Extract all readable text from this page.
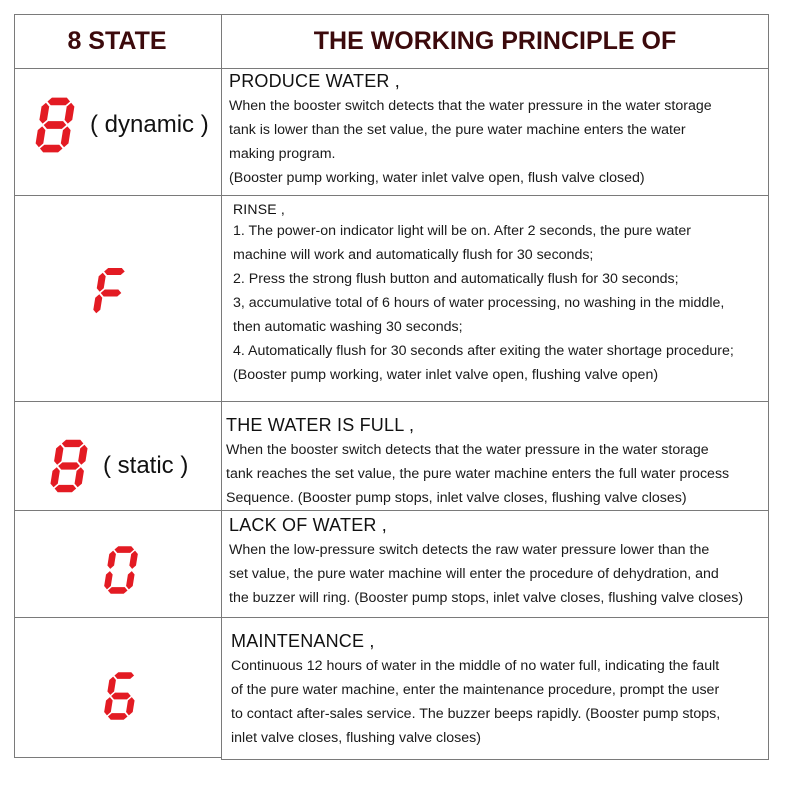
8 STATE	THE WORKING PRINCIPLE OF
( dynamic )
PRODUCE WATER ,
When the booster switch detects that the water pressure in the water storage
tank is lower than the set value, the pure water machine enters the water
making program.
(Booster pump working, water inlet valve open, flush valve closed)
RINSE ,
1. The power-on indicator light will be on. After 2 seconds, the pure water
machine will work and automatically flush for 30 seconds;
2. Press the strong flush button and automatically flush for 30 seconds;
3, accumulative total of 6 hours of water processing, no washing in the middle,
then automatic washing 30 seconds;
4. Automatically flush for 30 seconds after exiting the water shortage procedure;
(Booster pump working, water inlet valve open, flushing valve open)
( static )
THE WATER IS FULL ,
When the booster switch detects that the water pressure in the water storage
tank reaches the set value, the pure water machine enters the full water process
Sequence. (Booster pump stops, inlet valve closes, flushing valve closes)
LACK OF WATER ,
When the low-pressure switch detects the raw water pressure lower than the
set value, the pure water machine will enter the procedure of dehydration, and
the buzzer will ring. (Booster pump stops, inlet valve closes, flushing valve closes)
MAINTENANCE ,
Continuous 12 hours of water in the middle of no water full, indicating the fault
of the pure water machine, enter the maintenance procedure, prompt the user
to contact after-sales service. The buzzer beeps rapidly. (Booster pump stops,
inlet valve closes, flushing valve closes)
